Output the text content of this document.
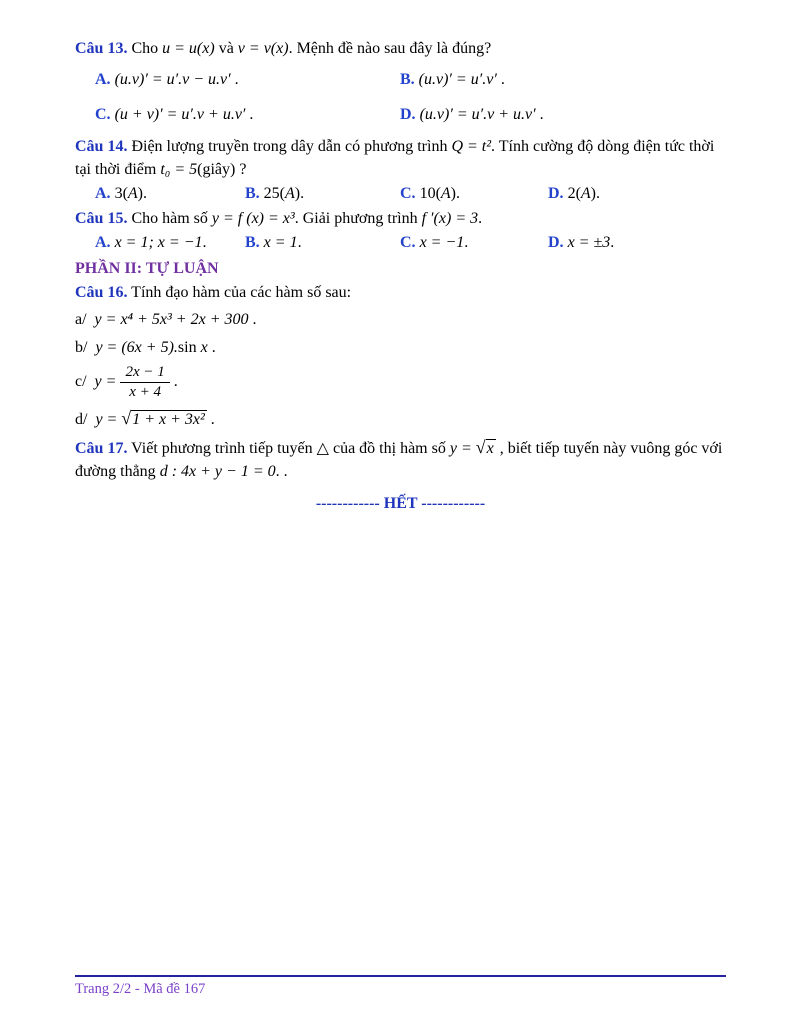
Câu 13. Cho u = u(x) và v = v(x). Mệnh đề nào sau đây là đúng?

A. (u.v)′ = u′.v − u.v′ .	B. (u.v)′ = u′.v′ .
C. (u + v)′ = u′.v + u.v′ .	D. (u.v)′ = u′.v + u.v′ .

Câu 14. Điện lượng truyền trong dây dẫn có phương trình Q = t². Tính cường độ dòng điện tức thời tại thời điểm t₀ = 5(giây) ?

A. 3(A).	B. 25(A).	C. 10(A).	D. 2(A).

Câu 15. Cho hàm số y = f (x) = x³. Giải phương trình f ′(x) = 3.

A. x = 1; x = −1.	B. x = 1.	C. x = −1.	D. x = ±3.
PHẦN II: TỰ LUẬN

Câu 16. Tính đạo hàm của các hàm số sau:

a/ y = x⁴ + 5x³ + 2x + 300 .
b/ y = (6x + 5).sin x .
c/ $y = \frac{2x - 1}{x + 4}$ .
d/ y = √1 + x + 3x² .

Câu 17. Viết phương trình tiếp tuyến △ của đồ thị hàm số y = √x , biết tiếp tuyến này vuông góc với đường thẳng d : 4x + y − 1 = 0. .

------------ HẾT ------------
Trang 2/2 - Mã đề 167
